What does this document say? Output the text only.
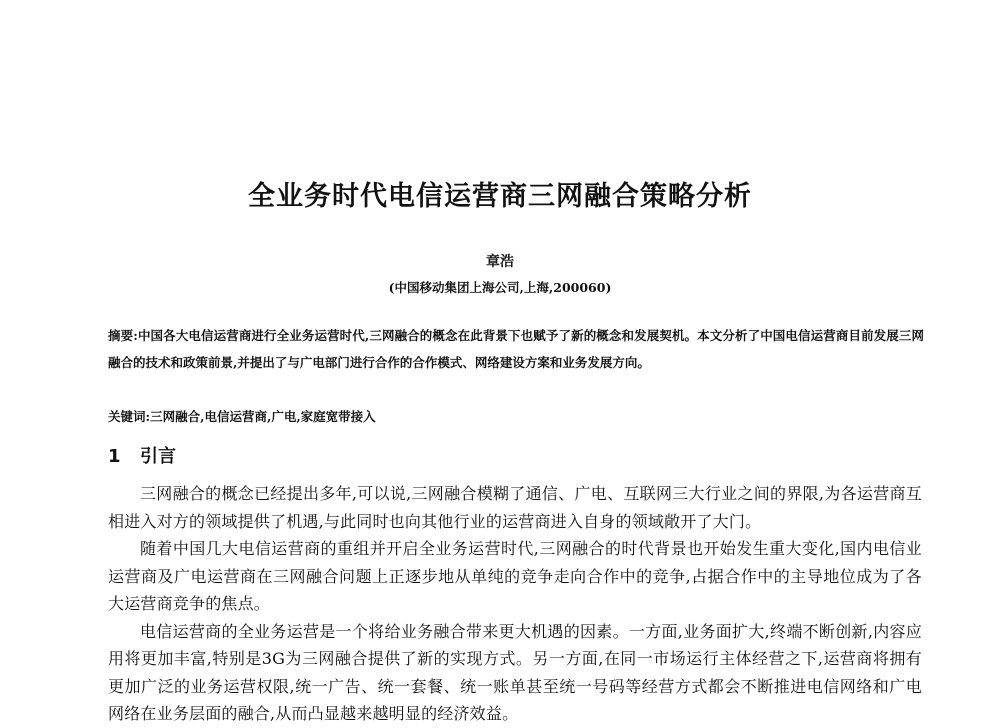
全业务时代电信运营商三网融合策略分析
章浩
(中国移动集团上海公司,上海,200060)
摘要:中国各大电信运营商进行全业务运营时代,三网融合的概念在此背景下也赋予了新的概念和发展契机。本文分析了中国电信运营商目前发展三网融合的技术和政策前景,并提出了与广电部门进行合作的合作模式、网络建设方案和业务发展方向。
关键词:三网融合,电信运营商,广电,家庭宽带接入
1 引言

三网融合的概念已经提出多年,可以说,三网融合模糊了通信、广电、互联网三大行业之间的界限,为各运营商互相进入对方的领域提供了机遇,与此同时也向其他行业的运营商进入自身的领域敞开了大门。

随着中国几大电信运营商的重组并开启全业务运营时代,三网融合的时代背景也开始发生重大变化,国内电信业运营商及广电运营商在三网融合问题上正逐步地从单纯的竞争走向合作中的竞争,占据合作中的主导地位成为了各大运营商竞争的焦点。

电信运营商的全业务运营是一个将给业务融合带来更大机遇的因素。一方面,业务面扩大,终端不断创新,内容应用将更加丰富,特别是3G为三网融合提供了新的实现方式。另一方面,在同一市场运行主体经营之下,运营商将拥有更加广泛的业务运营权限,统一广告、统一套餐、统一账单甚至统一号码等经营方式都会不断推进电信网络和广电网络在业务层面的融合,从而凸显越来越明显的经济效益。
